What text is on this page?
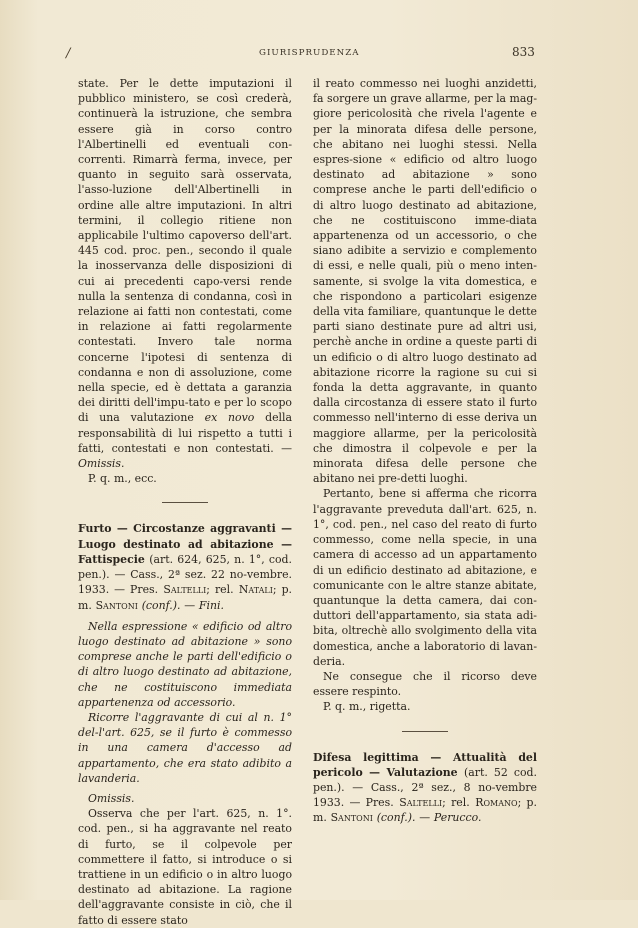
/	GIURISPRUDENZA	833

state. Per le dette imputazioni il pubblico ministero, se così crederà, continuerà la istruzione, che sembra essere già in corso contro l'Albertinelli ed eventuali con-correnti. Rimarrà ferma, invece, per quanto in seguito sarà osservata, l'asso-luzione dell'Albertinelli in ordine alle altre imputazioni. In altri termini, il collegio ritiene non applicabile l'ultimo capoverso dell'art. 445 cod. proc. pen., secondo il quale la inosservanza delle disposizioni di cui ai precedenti capo-versi rende nulla la sentenza di condanna, così in relazione ai fatti non contestati, come in relazione ai fatti regolarmente contestati. Invero tale norma concerne l'ipotesi di sentenza di condanna e non di assoluzione, come nella specie, ed è dettata a garanzia dei diritti dell'impu-tato e per lo scopo di una valutazione ex novo della responsabilità di lui rispetto a tutti i fatti, contestati e non contestati. — Omissis.

P. q. m., ecc.

Furto — Circostanze aggravanti — Luogo destinato ad abitazione — Fattispecie (art. 624, 625, n. 1°, cod. pen.). — Cass., 2ª sez. 22 no-vembre. 1933. — Pres. Saltelli; rel. Natali; p. m. Santoni (conf.). — Fini.

Nella espressione « edificio od altro luogo destinato ad abitazione » sono comprese anche le parti dell'edificio o di altro luogo destinato ad abitazione, che ne costituiscono immediata appartenenza od accessorio.

Ricorre l'aggravante di cui al n. 1° del-l'art. 625, se il furto è commesso in una camera d'accesso ad appartamento, che era stato adibito a lavanderia.

Omissis.

Osserva che per l'art. 625, n. 1°. cod. pen., si ha aggravante nel reato di furto, se il colpevole per commettere il fatto, si introduce o si trattiene in un edificio o in altro luogo destinato ad abitazione. La ragione dell'aggravante consiste in ciò, che il fatto di essere stato

il reato commesso nei luoghi anzidetti, fa sorgere un grave allarme, per la mag-giore pericolosità che rivela l'agente e per la minorata difesa delle persone, che abitano nei luoghi stessi. Nella espres-sione « edificio od altro luogo destinato ad abitazione » sono comprese anche le parti dell'edificio o di altro luogo destinato ad abitazione, che ne costituiscono imme-diata appartenenza od un accessorio, o che siano adibite a servizio e complemento di essi, e nelle quali, più o meno inten-samente, si svolge la vita domestica, e che rispondono a particolari esigenze della vita familiare, quantunque le dette parti siano destinate pure ad altri usi, perchè anche in ordine a queste parti di un edificio o di altro luogo destinato ad abitazione ricorre la ragione su cui si fonda la detta aggravante, in quanto dalla circostanza di essere stato il furto commesso nell'interno di esse deriva un maggiore allarme, per la pericolosità che dimostra il colpevole e per la minorata difesa delle persone che abitano nei pre-detti luoghi.

Pertanto, bene si afferma che ricorra l'aggravante preveduta dall'art. 625, n. 1°, cod. pen., nel caso del reato di furto commesso, come nella specie, in una camera di accesso ad un appartamento di un edificio destinato ad abitazione, e comunicante con le altre stanze abitate, quantunque la detta camera, dai con-duttori dell'appartamento, sia stata adi-bita, oltrechè allo svolgimento della vita domestica, anche a laboratorio di lavan-deria.

Ne consegue che il ricorso deve essere respinto.

P. q. m., rigetta.

Difesa legittima — Attualità del pericolo — Valutazione (art. 52 cod. pen.). — Cass., 2ª sez., 8 no-vembre 1933. — Pres. Saltelli; rel. Romano; p. m. Santoni (conf.). — Perucco.
